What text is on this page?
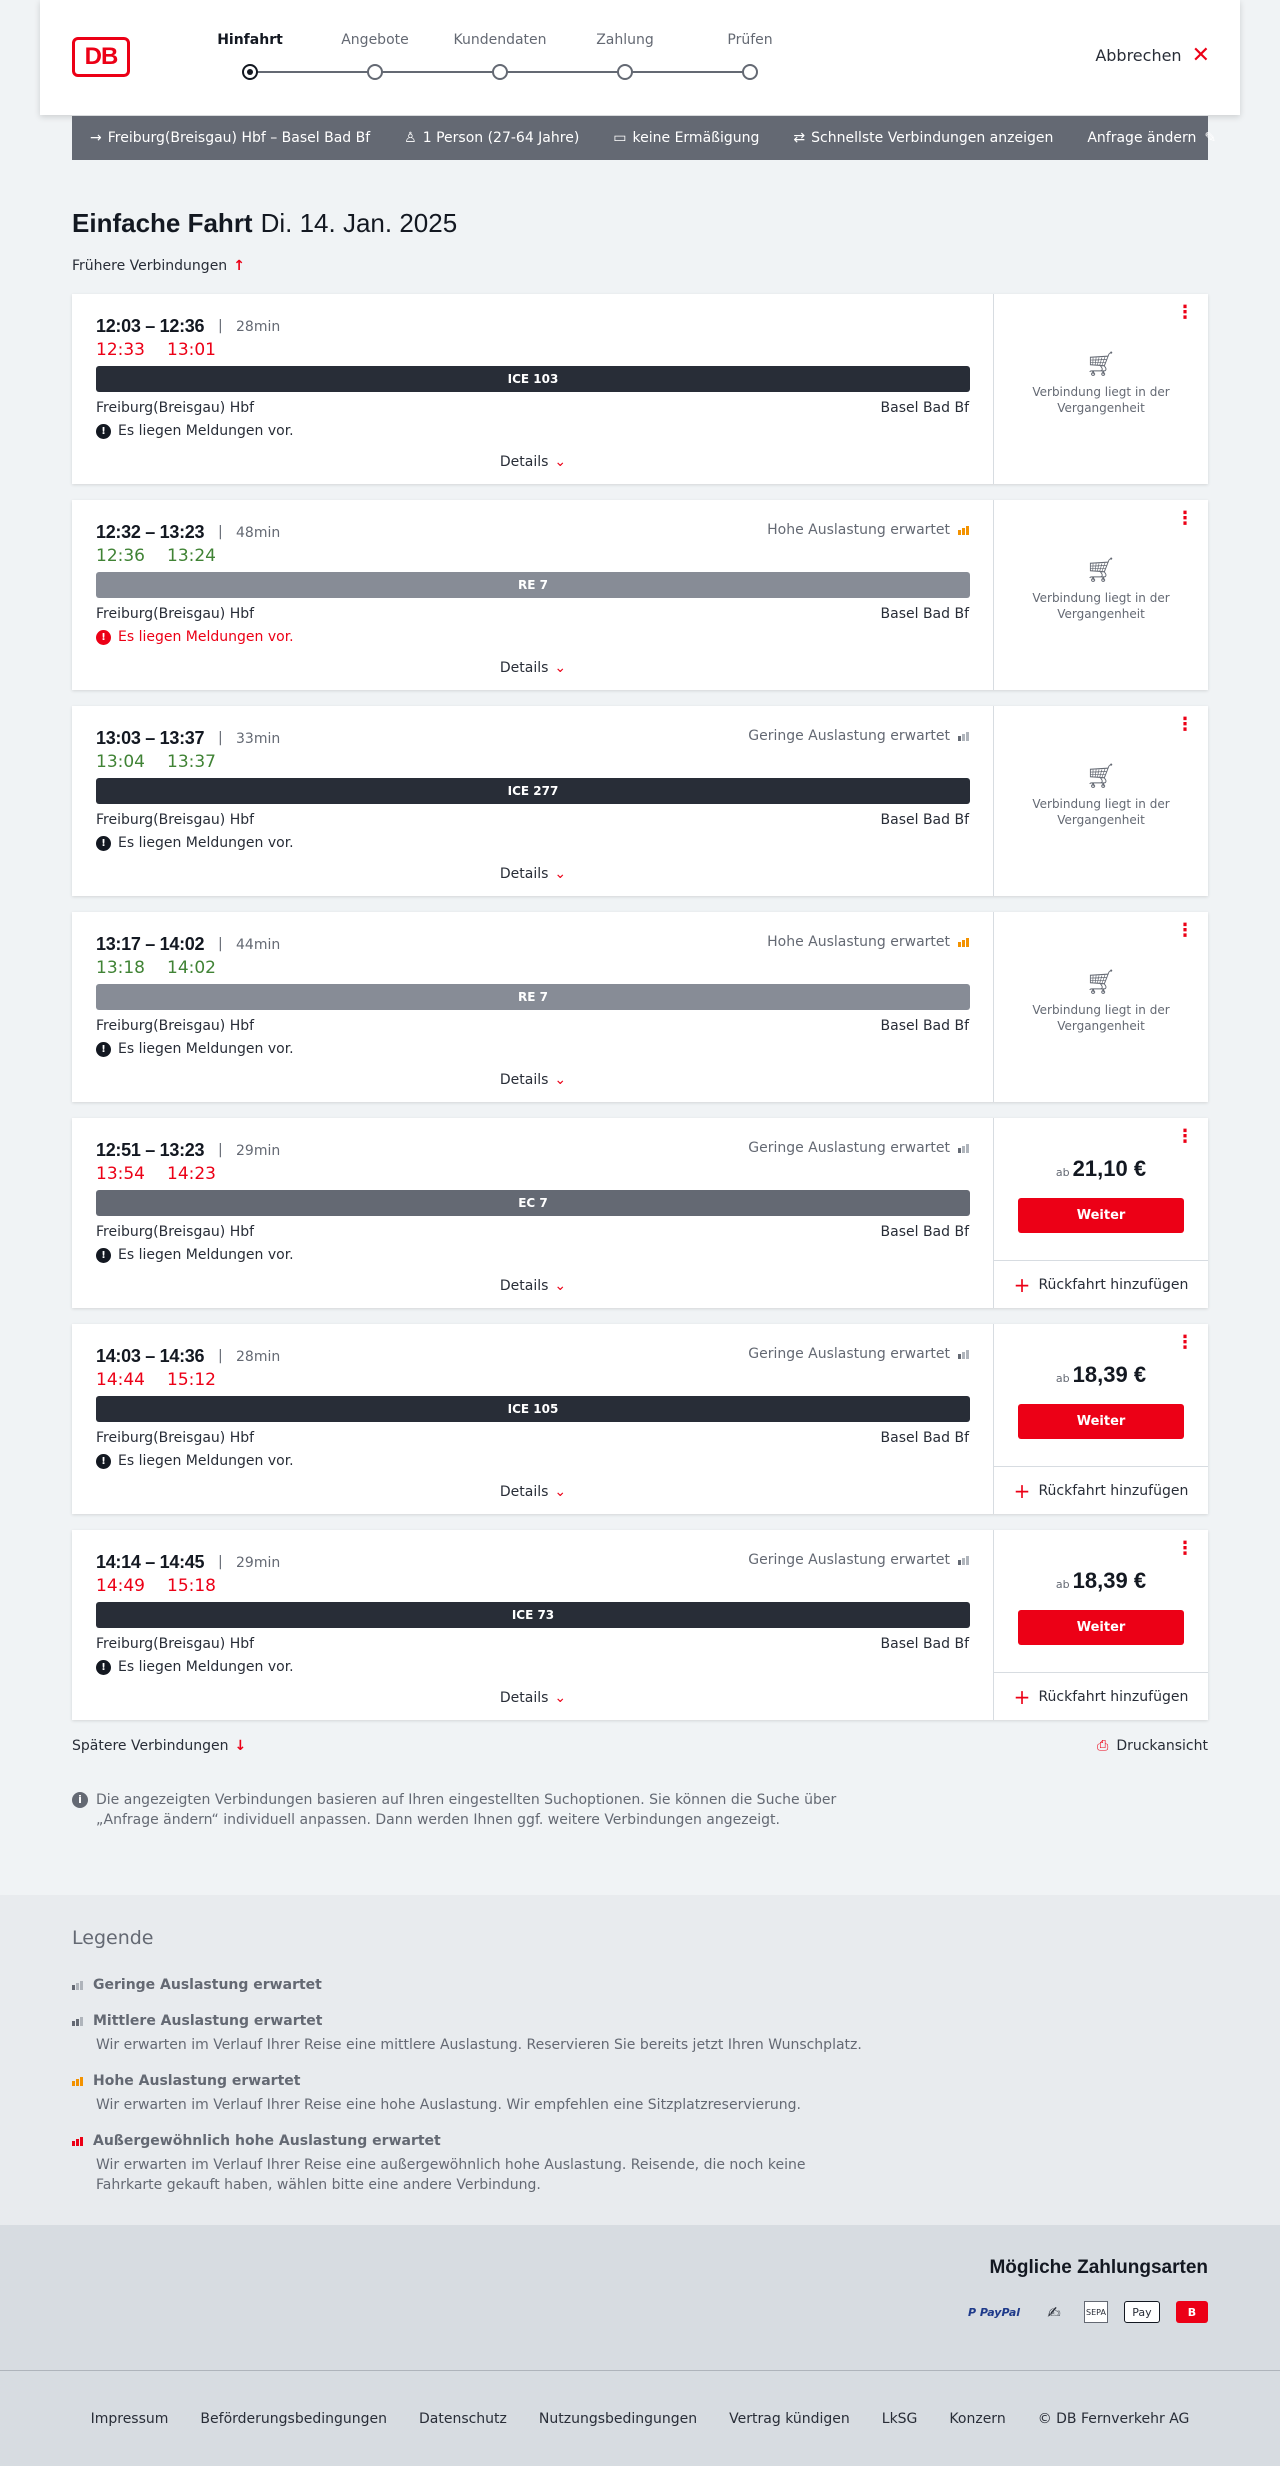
DB
Hinfahrt	Angebote	Kundendaten	Zahlung	Prüfen
Abbrechen ✕
→ Freiburg(Breisgau) Hbf – Basel Bad Bf ♙ 1 Person (27-64 Jahre) ▭ keine Ermäßigung ⇄ Schnellste Verbindungen anzeigen Anfrage ändern ✎
Einfache Fahrt Di. 14. Jan. 2025
Frühere Verbindungen ↑
12:03 – 12:36 | 28min
12:33 13:01
ICE 103
Freiburg(Breisgau) Hbf	Basel Bad Bf
! Es liegen Meldungen vor.
Details ⌄
⋮
🛒︎
Verbindung liegt in der Vergangenheit
12:32 – 13:23 | 48min
12:36 13:24
Hohe Auslastung erwartet
RE 7
Freiburg(Breisgau) Hbf	Basel Bad Bf
! Es liegen Meldungen vor.
Details ⌄
⋮
🛒︎
Verbindung liegt in der Vergangenheit
13:03 – 13:37 | 33min
13:04 13:37
Geringe Auslastung erwartet
ICE 277
Freiburg(Breisgau) Hbf	Basel Bad Bf
! Es liegen Meldungen vor.
Details ⌄
⋮
🛒︎
Verbindung liegt in der Vergangenheit
13:17 – 14:02 | 44min
13:18 14:02
Hohe Auslastung erwartet
RE 7
Freiburg(Breisgau) Hbf	Basel Bad Bf
! Es liegen Meldungen vor.
Details ⌄
⋮
🛒︎
Verbindung liegt in der Vergangenheit
12:51 – 13:23 | 29min
13:54 14:23
Geringe Auslastung erwartet
EC 7
Freiburg(Breisgau) Hbf	Basel Bad Bf
! Es liegen Meldungen vor.
Details ⌄
⋮
ab 21,10 €
Weiter
+ Rückfahrt hinzufügen
14:03 – 14:36 | 28min
14:44 15:12
Geringe Auslastung erwartet
ICE 105
Freiburg(Breisgau) Hbf	Basel Bad Bf
! Es liegen Meldungen vor.
Details ⌄
⋮
ab 18,39 €
Weiter
+ Rückfahrt hinzufügen
14:14 – 14:45 | 29min
14:49 15:18
Geringe Auslastung erwartet
ICE 73
Freiburg(Breisgau) Hbf	Basel Bad Bf
! Es liegen Meldungen vor.
Details ⌄
⋮
ab 18,39 €
Weiter
+ Rückfahrt hinzufügen
Spätere Verbindungen ↓	⎙ Druckansicht
i	Die angezeigten Verbindungen basieren auf Ihren eingestellten Suchoptionen. Sie können die Suche über „Anfrage ändern“ individuell anpassen. Dann werden Ihnen ggf. weitere Verbindungen angezeigt.
Legende
Geringe Auslastung erwartet
Mittlere Auslastung erwartet
Wir erwarten im Verlauf Ihrer Reise eine mittlere Auslastung. Reservieren Sie bereits jetzt Ihren Wunschplatz.
Hohe Auslastung erwartet
Wir erwarten im Verlauf Ihrer Reise eine hohe Auslastung. Wir empfehlen eine Sitzplatzreservierung.
Außergewöhnlich hohe Auslastung erwartet
Wir erwarten im Verlauf Ihrer Reise eine außergewöhnlich hohe Auslastung. Reisende, die noch keine Fahrkarte gekauft haben, wählen bitte eine andere Verbindung.
Mögliche Zahlungsarten
P PayPal	✍	SEPA	Pay	B
Impressum Beförderungsbedingungen Datenschutz Nutzungsbedingungen Vertrag kündigen LkSG Konzern © DB Fernverkehr AG
